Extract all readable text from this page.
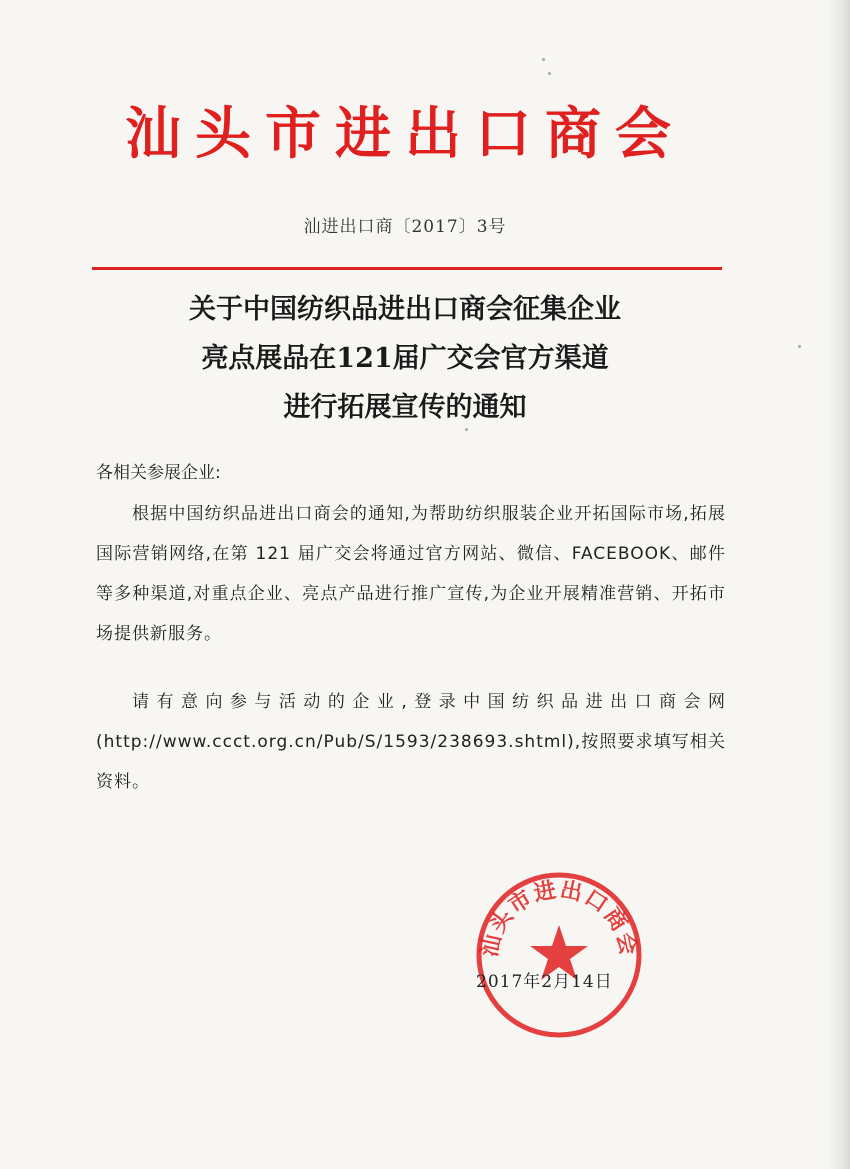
汕头市进出口商会
汕进出口商〔2017〕3号
关于中国纺织品进出口商会征集企业
亮点展品在121届广交会官方渠道
进行拓展宣传的通知
各相关参展企业:
根据中国纺织品进出口商会的通知,为帮助纺织服装企业开拓国际市场,拓展国际营销网络,在第 121 届广交会将通过官方网站、微信、FACEBOOK、邮件等多种渠道,对重点企业、亮点产品进行推广宣传,为企业开展精准营销、开拓市场提供新服务。
请有意向参与活动的企业,登录中国纺织品进出口商会网(http://www.ccct.org.cn/Pub/S/1593/238693.shtml),按照要求填写相关资料。
汕头市进出口商会
2017年2月14日
